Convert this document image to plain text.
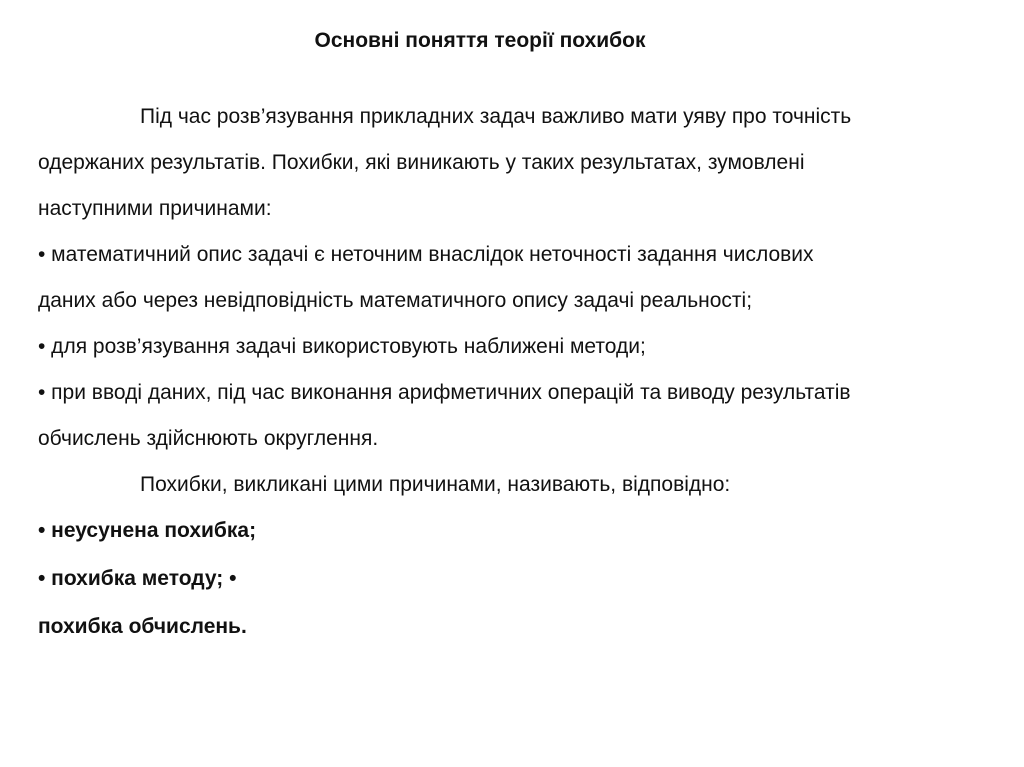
Основні поняття теорії похибок
Під час розв’язування прикладних задач важливо мати уяву про точність
одержаних результатів. Похибки, які виникають у таких результатах, зумовлені
наступними причинами:
• математичний опис задачі є неточним внаслідок неточності задання числових
даних або через невідповідність математичного опису задачі реальності;
• для розв’язування задачі використовують наближені методи;
• при вводі даних, під час виконання арифметичних операцій та виводу результатів
обчислень здійснюють округлення.
Похибки, викликані цими причинами, називають, відповідно:
• неусунена похибка;
• похибка методу; •
похибка обчислень.
